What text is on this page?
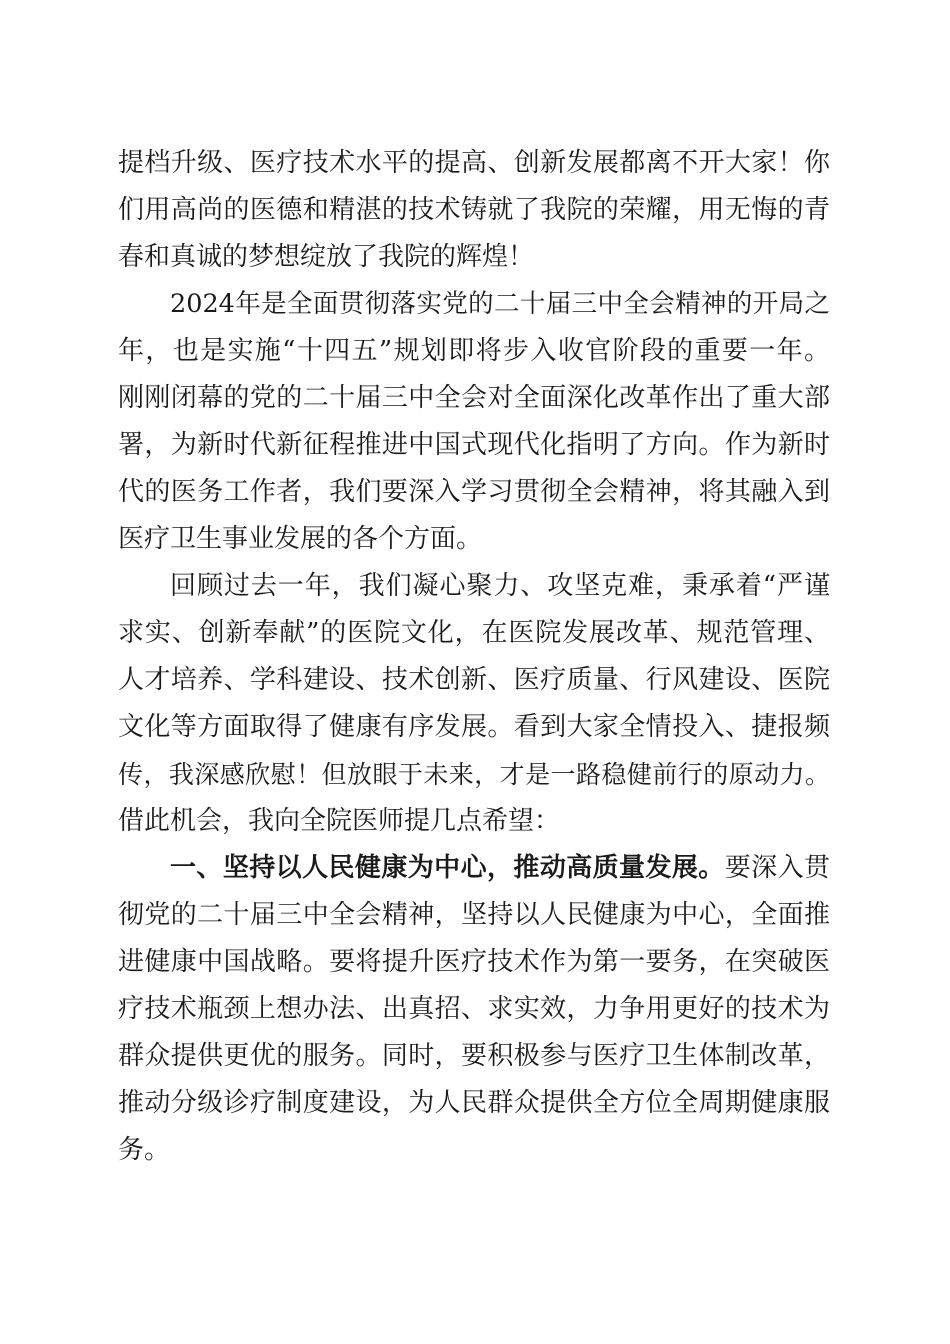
提档升级、医疗技术水平的提高、创新发展都离不开大家！你
们用高尚的医德和精湛的技术铸就了我院的荣耀，用无悔的青
春和真诚的梦想绽放了我院的辉煌！
2024年是全面贯彻落实党的二十届三中全会精神的开局之
年，也是实施“十四五”规划即将步入收官阶段的重要一年。
刚刚闭幕的党的二十届三中全会对全面深化改革作出了重大部
署，为新时代新征程推进中国式现代化指明了方向。作为新时
代的医务工作者，我们要深入学习贯彻全会精神，将其融入到
医疗卫生事业发展的各个方面。
回顾过去一年，我们凝心聚力、攻坚克难，秉承着“严谨
求实、创新奉献”的医院文化，在医院发展改革、规范管理、
人才培养、学科建设、技术创新、医疗质量、行风建设、医院
文化等方面取得了健康有序发展。看到大家全情投入、捷报频
传，我深感欣慰！但放眼于未来，才是一路稳健前行的原动力。
借此机会，我向全院医师提几点希望：
一、坚持以人民健康为中心，推动高质量发展。要深入贯
彻党的二十届三中全会精神，坚持以人民健康为中心，全面推
进健康中国战略。要将提升医疗技术作为第一要务，在突破医
疗技术瓶颈上想办法、出真招、求实效，力争用更好的技术为
群众提供更优的服务。同时，要积极参与医疗卫生体制改革，
推动分级诊疗制度建设，为人民群众提供全方位全周期健康服
务。
